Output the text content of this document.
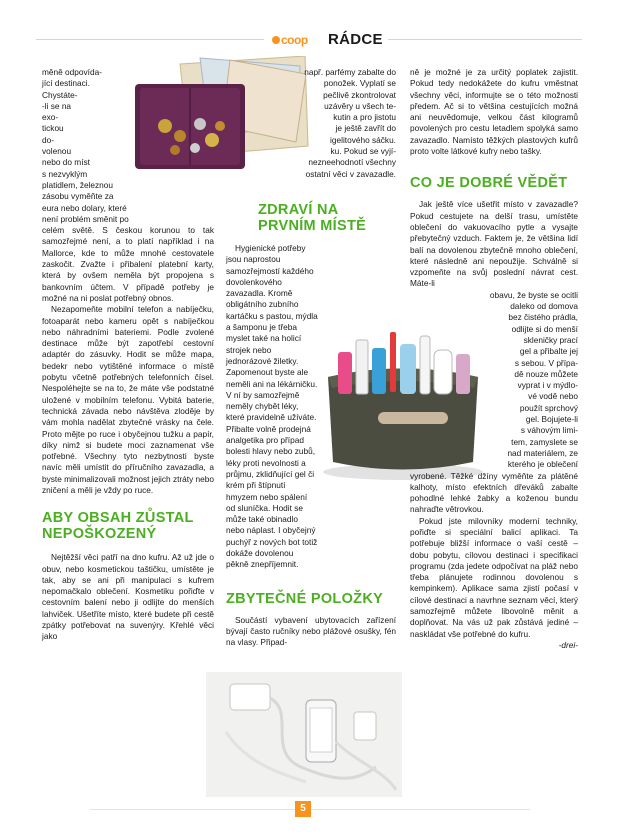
coop	RÁDCE

měně odpovída-

jící destinaci.

Chystáte-

-li se na

exo-

tickou

do-

volenou

nebo do míst

s nezvyklým

platidlem, železnou

zásobu vyměňte za

eura nebo dolary, které

není problém směnit po

celém světě. S českou korunou to tak samozřejmé není, a to platí například i na Mallorce, kde to může mnohé cestovatele zaskočit. Zvažte i přibalení platební karty, která by ovšem neměla být propojena s bankovním účtem. V případě potřeby je možné na ni poslat potřebný obnos.

Nezapomeňte mobilní telefon a nabíječku, fotoaparát nebo kameru opět s nabíječkou nebo náhradními bateriemi. Podle zvolené destinace může být zapotřebí cestovní adaptér do zásuvky. Hodit se může mapa, bedekr nebo vytištěné informace o místě pobytu včetně potřebných telefonních čísel. Nespoléhejte se na to, že máte vše podstatné uložené v mobilním telefonu. Vybitá baterie, technická závada nebo návštěva zloděje by vám mohla nadělat zbytečné vrásky na čele. Proto mějte po ruce i obyčejnou tužku a papír, díky nimž si budete moci zaznamenat vše potřebné. Všechny tyto nezbytnosti byste navíc měli umístit do příručního zavazadla, a byste minimalizovali možnost jejich ztráty nebo zničení a měli je vždy po ruce.

ABY OBSAH ZŮSTAL NEPOŠKOZENÝ

Nejtěžší věci patří na dno kufru. Až už jde o obuv, nebo kosmetickou taštičku, umístěte je tak, aby se ani při manipulaci s kufrem nepomačkalo oblečení. Kosmetiku pořiďte v cestovním balení nebo ji odlijte do menších lahviček. Ušetříte místo, které budete při cestě zpátky potřebovat na suvenýry. Křehlé věci jako

např. parfémy zabalte do

ponožek. Vyplatí se

pečlivě zkontrolovat

uzávěry u všech te-

kutin a pro jistotu

je ještě zavřít do

igelitového sáčku.

ku. Pokud se vyjí-

nezneehodnotí všechny

ostatní věci v zavazadle.

ZDRAVÍ NA PRVNÍM MÍSTĚ

Hygienické potřeby jsou naprostou samozřejmostí každého dovolenkového zavazadla. Kromě obligátního zubního kartáčku s pastou, mýdla a šamponu je třeba myslet také na holicí strojek nebo jednorázové žiletky. Zapomenout byste ale neměli ani na lékárničku. V ní by samozřejmě neměly chybět léky, které pravidelně užíváte. Přibalte volně prodejná analgetika pro případ bolesti hlavy nebo zubů, léky proti nevolnosti a průjmu, zklidňující gel či krém při štípnutí hmyzem nebo spálení od sluníčka. Hodit se může také obinadlo nebo náplast. I obyčejný puchýř z nových bot totiž dokáže dovolenou pěkně znepříjemnit.

ZBYTEČNÉ POLOŽKY

Součástí vybavení ubytovacích zařízení bývají často ručníky nebo plážové osušky, fén na vlasy. Připad-

ně je možné je za určitý poplatek zajistit. Pokud tedy nedokážete do kufru vměstnat všechny věci, informujte se o této možnosti předem. Ač si to většina cestujících možná ani neuvědomuje, velkou část kilogramů povolených pro cestu letadlem spolyká samo zavazadlo. Namísto těžkých plastových kufrů proto volte látkové kufry nebo tašky.

CO JE DOBRÉ VĚDĚT

Jak ještě více ušetřit místo v zavazadle? Pokud cestujete na delší trasu, umístěte oblečení do vakuovacího pytle a vysajte přebytečný vzduch. Faktem je, že většina lidí balí na dovolenou zbytečně mnoho oblečení, které následně ani nepoužije. Schválně si vzpomeňte na svůj poslední návrat cest. Máte-li

obavu, že byste se ocitli

daleko od domova

bez čistého prádla,

odlijte si do menší

skleničky prací

gel a přibalte jej

s sebou. V přípa-

dě nouze můžete

vyprat i v mýdlo-

vé vodě nebo

použít sprchový

gel. Bojujete-li

s váhovým limi-

tem, zamyslete se

nad materiálem, ze

kterého je oblečení

vyrobené. Těžké džíny vyměňte za plátěné kalhoty, místo efektních dřeváků zabalte pohodlné lehké žabky a koženou bundu nahraďte větrovkou.

Pokud jste milovníky moderní techniky, pořiďte si speciální balicí aplikaci. Ta potřebuje bližší informace o vaší cestě – dobu pobytu, cílovou destinaci i specifikaci programu (zda jedete odpočívat na pláž nebo třeba plánujete rodinnou dovolenou s kempinkem). Aplikace sama zjistí počasí v cílové destinaci a navrhne seznam věcí, který samozřejmě můžete libovolně měnit a doplňovat. Na vás už pak zůstává jediné – naskládat vše potřebné do kufru.

-drei-

5
